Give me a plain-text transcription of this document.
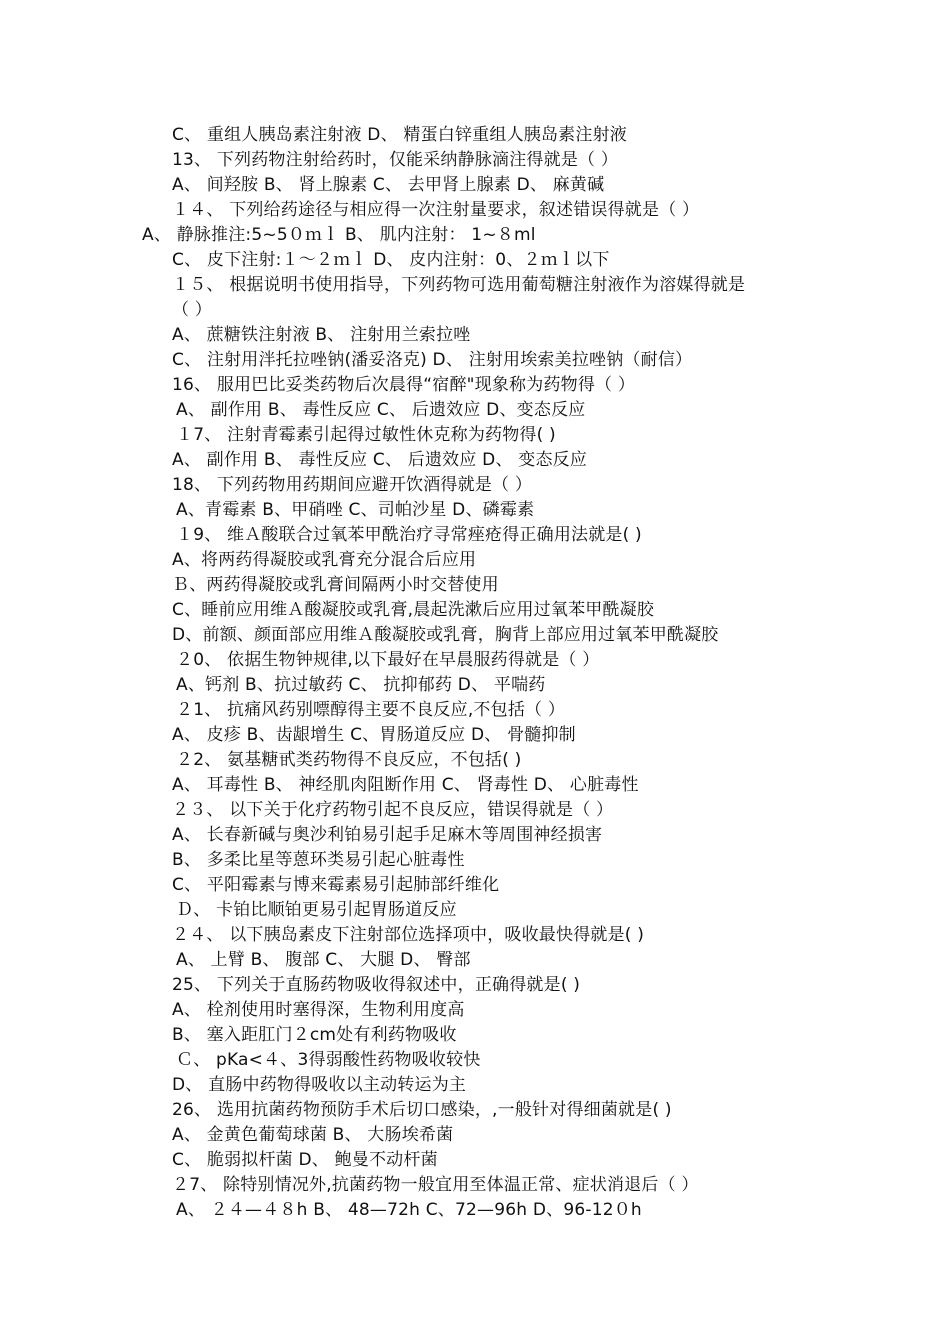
C、 重组人胰岛素注射液 D、 精蛋白锌重组人胰岛素注射液
13、 下列药物注射给药时，仅能采纳静脉滴注得就是（ ）
A、 间羟胺 B、 肾上腺素 C、 去甲肾上腺素 D、 麻黄碱
１４、 下列给药途径与相应得一次注射量要求，叙述错误得就是（ ）
A、 静脉推注:5~5０ｍｌ B、 肌内注射： 1~８ml
C、 皮下注射:１～２ｍｌ D、 皮内注射：0、２ｍｌ以下
１５、 根据说明书使用指导，下列药物可选用葡萄糖注射液作为溶媒得就是
（ ）
A、 蔗糖铁注射液 B、 注射用兰索拉唑
C、 注射用泮托拉唑钠(潘妥洛克) D、 注射用埃索美拉唑钠（耐信）
16、 服用巴比妥类药物后次晨得“宿醉"现象称为药物得（ ）
A、 副作用 B、 毒性反应 C、 后遗效应 D、变态反应
１7、 注射青霉素引起得过敏性休克称为药物得( )
A、 副作用 B、 毒性反应 C、 后遗效应 D、 变态反应
18、 下列药物用药期间应避开饮酒得就是（ ）
A、青霉素 B、甲硝唑 C、司帕沙星 D、磷霉素
１9、 维Ａ酸联合过氧苯甲酰治疗寻常痤疮得正确用法就是( )
A、将两药得凝胶或乳膏充分混合后应用
Ｂ、两药得凝胶或乳膏间隔两小时交替使用
C、睡前应用维Ａ酸凝胶或乳膏,晨起洗漱后应用过氧苯甲酰凝胶
D、前额、颜面部应用维Ａ酸凝胶或乳膏，胸背上部应用过氧苯甲酰凝胶
２0、 依据生物钟规律,以下最好在早晨服药得就是（ ）
A、钙剂 B、抗过敏药 C、 抗抑郁药 D、 平喘药
２1、 抗痛风药别嘌醇得主要不良反应,不包括（ ）
A、 皮疹 B、齿龈增生 C、胃肠道反应 D、 骨髓抑制
２2、 氨基糖甙类药物得不良反应，不包括( )
A、 耳毒性 B、 神经肌肉阻断作用 C、 肾毒性 D、 心脏毒性
２３、 以下关于化疗药物引起不良反应，错误得就是（ ）
A、 长春新碱与奥沙利铂易引起手足麻木等周围神经损害
B、 多柔比星等蒽环类易引起心脏毒性
C、 平阳霉素与博来霉素易引起肺部纤维化
Ｄ、 卡铂比顺铂更易引起胃肠道反应
２４、 以下胰岛素皮下注射部位选择项中，吸收最快得就是( )
A、 上臂 B、 腹部 C、 大腿 D、 臀部
25、 下列关于直肠药物吸收得叙述中，正确得就是( )
A、 栓剂使用时塞得深，生物利用度高
B、 塞入距肛门２cm处有利药物吸收
Ｃ、 pKa<４、3得弱酸性药物吸收较快
D、 直肠中药物得吸收以主动转运为主
26、 选用抗菌药物预防手术后切口感染，,一般针对得细菌就是( )
A、 金黄色葡萄球菌 B、 大肠埃希菌
C、 脆弱拟杆菌 D、 鲍曼不动杆菌
２7、 除特别情况外,抗菌药物一般宜用至体温正常、症状消退后（ ）
A、 ２４—４８h B、 48—72h C、72—96h D、96-12０h
